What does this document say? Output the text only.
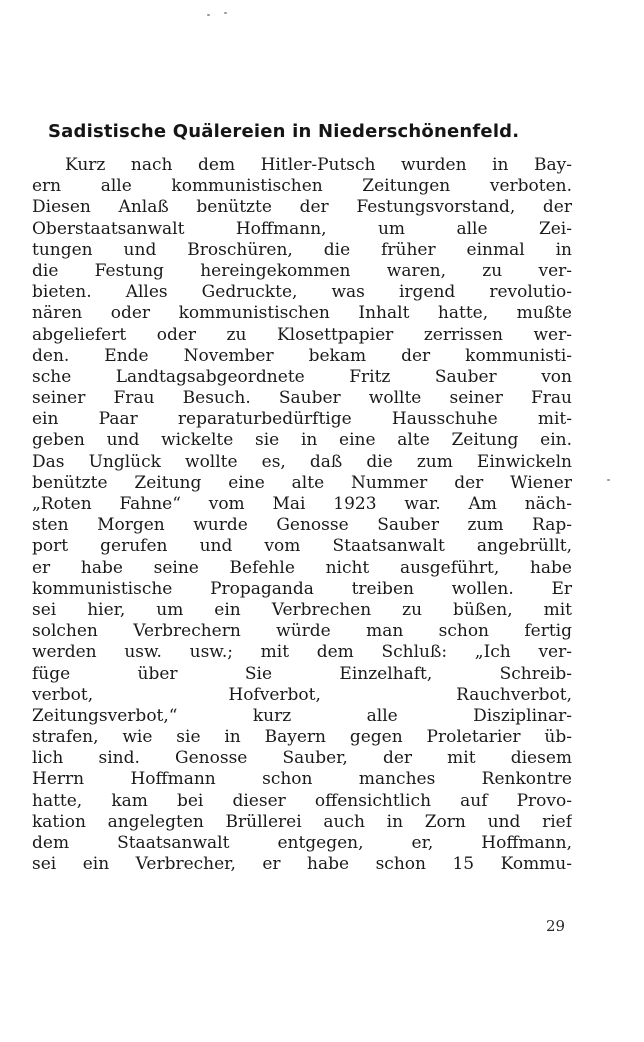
Sadistische Quälereien in Niederschönenfeld.
Kurz nach dem Hitler-Putsch wurden in Bay-
ern alle kommunistischen Zeitungen verboten.
Diesen Anlaß benützte der Festungsvorstand, der
Oberstaatsanwalt Hoffmann, um alle Zei-
tungen und Broschüren, die früher einmal in
die Festung hereingekommen waren, zu ver-
bieten. Alles Gedruckte, was irgend revolutio-
nären oder kommunistischen Inhalt hatte, mußte
abgeliefert oder zu Klosettpapier zerrissen wer-
den. Ende November bekam der kommunisti-
sche Landtagsabgeordnete Fritz Sauber von
seiner Frau Besuch. Sauber wollte seiner Frau
ein Paar reparaturbedürftige Hausschuhe mit-
geben und wickelte sie in eine alte Zeitung ein.
Das Unglück wollte es, daß die zum Einwickeln
benützte Zeitung eine alte Nummer der Wiener
„Roten Fahne“ vom Mai 1923 war. Am näch-
sten Morgen wurde Genosse Sauber zum Rap-
port gerufen und vom Staatsanwalt angebrüllt,
er habe seine Befehle nicht ausgeführt, habe
kommunistische Propaganda treiben wollen. Er
sei hier, um ein Verbrechen zu büßen, mit
solchen Verbrechern würde man schon fertig
werden usw. usw.; mit dem Schluß: „Ich ver-
füge über Sie Einzelhaft, Schreib-
verbot, Hofverbot, Rauchverbot,
Zeitungsverbot,“ kurz alle Disziplinar-
strafen, wie sie in Bayern gegen Proletarier üb-
lich sind. Genosse Sauber, der mit diesem
Herrn Hoffmann schon manches Renkontre
hatte, kam bei dieser offensichtlich auf Provo-
kation angelegten Brüllerei auch in Zorn und rief
dem Staatsanwalt entgegen, er, Hoffmann,
sei ein Verbrecher, er habe schon 15 Kommu-
29
